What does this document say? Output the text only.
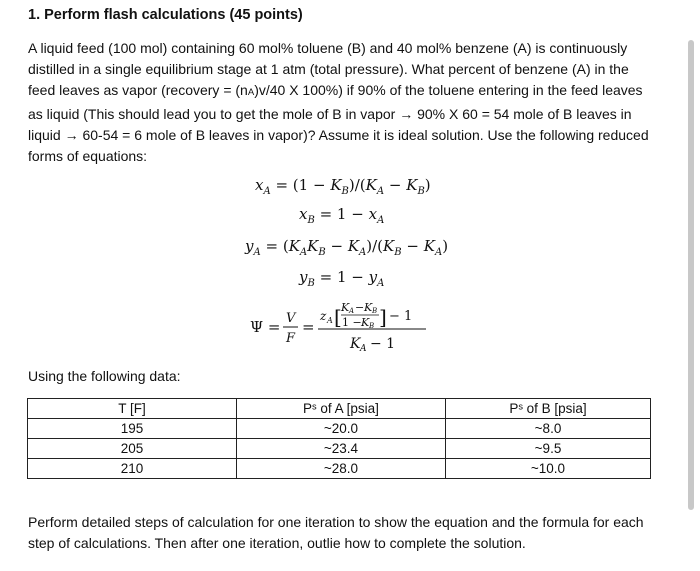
1. Perform flash calculations (45 points)
A liquid feed (100 mol) containing 60 mol% toluene (B) and 40 mol% benzene (A) is continuously distilled in a single equilibrium stage at 1 atm (total pressure). What percent of benzene (A) in the feed leaves as vapor (recovery = (nA)v/40 X 100%) if 90% of the toluene entering in the feed leaves as liquid (This should lead you to get the mole of B in vapor → 90% X 60 = 54 mole of B leaves in liquid → 60-54 = 6 mole of B leaves in vapor)? Assume it is ideal solution. Use the following reduced forms of equations:
$x_A = (1 - K_B)/(K_A - K_B)$
$x_B = 1 - x_A$
$y_A = (K_AK_B - K_A)/(K_B - K_A)$
$y_B = 1 - y_A$
Ψ = V
F
=
z A [ K A − K B
1 − K B ] − 1
K A − 1
Using the following data:
T [F]	Pˢ of A [psia]	Pˢ of B [psia]
195	~20.0	~8.0
205	~23.4	~9.5
210	~28.0	~10.0
Perform detailed steps of calculation for one iteration to show the equation and the formula for each step of calculations. Then after one iteration, outlie how to complete the solution.
